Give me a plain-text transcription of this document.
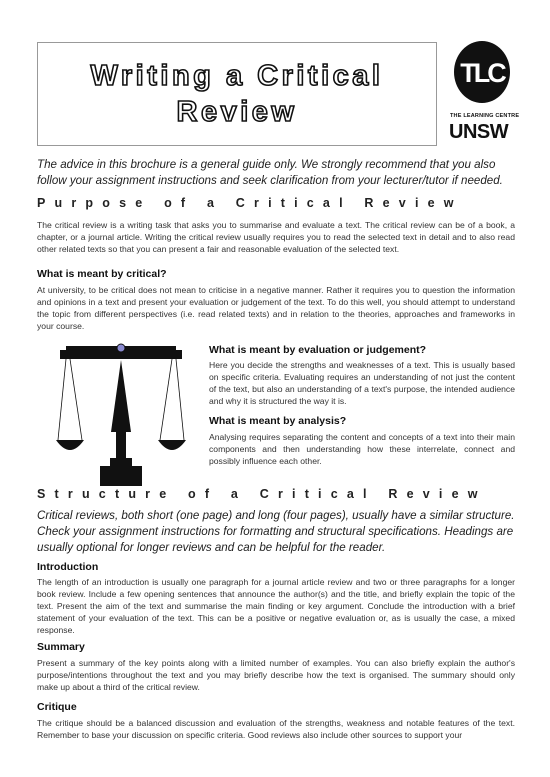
Writing a Critical
Review
TLC
THE LEARNING CENTRE
UNSW
The advice in this brochure is a general guide only. We strongly recommend that you also follow your assignment instructions and seek clarification from your lecturer/tutor if needed.
Purpose of a Critical Review
The critical review is a writing task that asks you to summarise and evaluate a text. The critical review can be of a book, a chapter, or a journal article. Writing the critical review usually requires you to read the selected text in detail and to also read other related texts so that you can present a fair and reasonable evaluation of the selected text.
What is meant by critical?
At university, to be critical does not mean to criticise in a negative manner. Rather it requires you to question the information and opinions in a text and present your evaluation or judgement of the text. To do this well, you should attempt to understand the topic from different perspectives (i.e. read related texts) and in relation to the theories, approaches and frameworks in your course.
What is meant by evaluation or judgement?
Here you decide the strengths and weaknesses of a text. This is usually based on specific criteria. Evaluating requires an understanding of not just the content of the text, but also an understanding of a text's purpose, the intended audience and why it is structured the way it is.
What is meant by analysis?
Analysing requires separating the content and concepts of a text into their main components and then understanding how these interrelate, connect and possibly influence each other.
Structure of a Critical Review
Critical reviews, both short (one page) and long (four pages), usually have a similar structure. Check your assignment instructions for formatting and structural specifications. Headings are usually optional for longer reviews and can be helpful for the reader.
Introduction
The length of an introduction is usually one paragraph for a journal article review and two or three paragraphs for a longer book review. Include a few opening sentences that announce the author(s) and the title, and briefly explain the topic of the text. Present the aim of the text and summarise the main finding or key argument. Conclude the introduction with a brief statement of your evaluation of the text. This can be a positive or negative evaluation or, as is usually the case, a mixed response.
Summary
Present a summary of the key points along with a limited number of examples. You can also briefly explain the author's purpose/intentions throughout the text and you may briefly describe how the text is organised. The summary should only make up about a third of the critical review.
Critique
The critique should be a balanced discussion and evaluation of the strengths, weakness and notable features of the text. Remember to base your discussion on specific criteria. Good reviews also include other sources to support your
